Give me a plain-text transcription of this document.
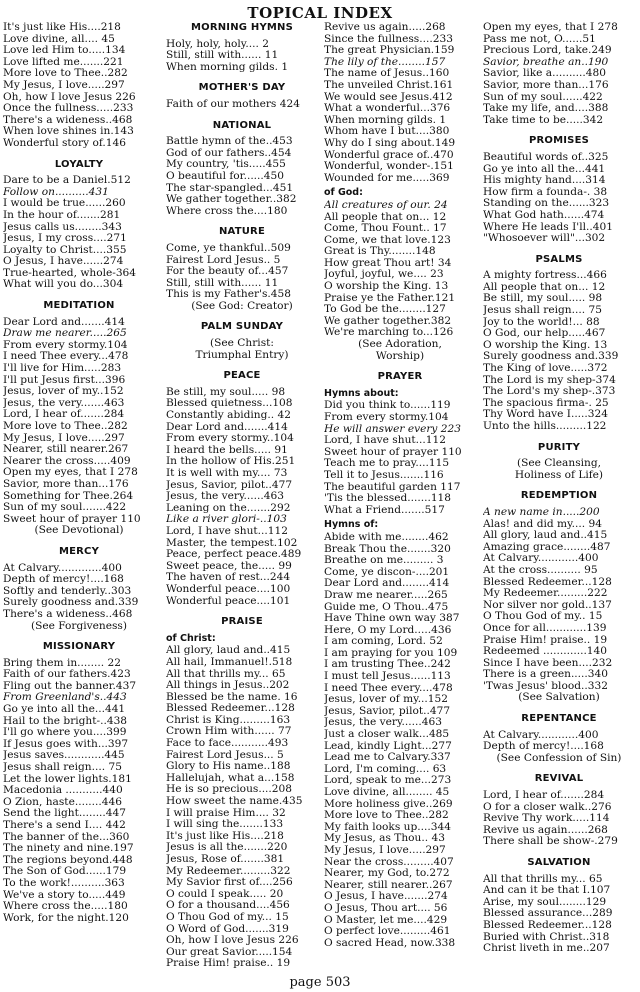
TOPICAL INDEX
It's just like His....218
Love divine, all.... 45
Love led Him to.....134
Love lifted me.......221
More love to Thee..282
My Jesus, I love.....297
Oh, how I love Jesus 226
Once the fullness.....233
There's a wideness..468
When love shines in.143
Wonderful story of.146
LOYALTY
Dare to be a Daniel.512
Follow on..........431
I would be true......260
In the hour of.......281
Jesus calls us........343
Jesus, I my cross....271
Loyalty to Christ....355
O Jesus, I have......274
True-hearted, whole-364
What will you do...304
MEDITATION
Dear Lord and.......414
Draw me nearer.....265
From every stormy.104
I need Thee every...478
I'll live for Him.....283
I'll put Jesus first...396
Jesus, lover of my..152
Jesus, the very.......463
Lord, I hear of.......284
More love to Thee..282
My Jesus, I love.....297
Nearer, still nearer.267
Nearer the cross.....409
Open my eyes, that I 278
Savior, more than...176
Something for Thee.264
Sun of my soul.......422
Sweet hour of prayer 110
(See Devotional)
MERCY
At Calvary.............400
Depth of mercy!....168
Softly and tenderly..303
Surely goodness and.339
There's a wideness..468
(See Forgiveness)
MISSIONARY
Bring them in........ 22
Faith of our fathers.423
Fling out the banner.437
From Greenland's..443
Go ye into all the...441
Hail to the bright-..438
I'll go where you....399
If Jesus goes with...397
Jesus saves............445
Jesus shall reign.... 75
Let the lower lights.181
Macedonia ...........440
O Zion, haste........446
Send the light........447
There's a send I.... 442
The banner of the...360
The ninety and nine.197
The regions beyond.448
The Son of God......179
To the work!..........363
We've a story to.....449
Where cross the.....180
Work, for the night.120
MORNING HYMNS
Holy, holy, holy.... 2
Still, still with...... 11
When morning gilds. 1
MOTHER'S DAY
Faith of our mothers 424
NATIONAL
Battle hymn of the..453
God of our fathers..454
My country, 'tis.....455
O beautiful for......450
The star-spangled...451
We gather together..382
Where cross the....180
NATURE
Come, ye thankful..509
Fairest Lord Jesus.. 5
For the beauty of...457
Still, still with...... 11
This is my Father's.458
(See God: Creator)
PALM SUNDAY
(See Christ:
Triumphal Entry)
PEACE
Be still, my soul..... 98
Blessed quietness...108
Constantly abiding.. 42
Dear Lord and.......414
From every stormy..104
I heard the bells..... 91
In the hollow of His.251
It is well with my.... 73
Jesus, Savior, pilot..477
Jesus, the very......463
Leaning on the.......292
Like a river glori-..103
Lord, I have shut...112
Master, the tempest.102
Peace, perfect peace.489
Sweet peace, the..... 99
The haven of rest...244
Wonderful peace....100
Wonderful peace....101
PRAISE
of Christ:
All glory, laud and..415
All hail, Immanuel!.518
All that thrills my... 65
All things in Jesus..202
Blessed be the name. 16
Blessed Redeemer...128
Christ is King.........163
Crown Him with...... 77
Face to face...........493
Fairest Lord Jesus... 5
Glory to His name..188
Hallelujah, what a...158
He is so precious....208
How sweet the name.435
I will praise Him.... 32
I will sing the.......133
It's just like His....218
Jesus is all the.......220
Jesus, Rose of.......381
My Redeemer.........322
My Savior first of....256
O could I speak..... 20
O for a thousand....456
O Thou God of my... 15
O Word of God.......319
Oh, how I love Jesus 226
Our great Savior.....154
Praise Him! praise.. 19
Revive us again.....268
Since the fullness....233
The great Physician.159
The lily of the........157
The name of Jesus..160
The unveiled Christ.161
We would see Jesus.412
What a wonderful...376
When morning gilds. 1
Whom have I but....380
Why do I sing about.149
Wonderful grace of..470
Wonderful, wonder-.151
Wounded for me.....369
of God:
All creatures of our. 24
All people that on... 12
Come, Thou Fount.. 17
Come, we that love.123
Great is Thy........148
How great Thou art! 34
Joyful, joyful, we.... 23
O worship the King. 13
Praise ye the Father.121
To God be the........127
We gather together.382
We're marching to...126
(See Adoration,
Worship)
PRAYER
Hymns about:
Did you think to......119
From every stormy.104
He will answer every 223
Lord, I have shut...112
Sweet hour of prayer 110
Teach me to pray....115
Tell it to Jesus.......116
The beautiful garden 117
'Tis the blessed.......118
What a Friend.......517
Hymns of:
Abide with me........462
Break Thou the.......320
Breathe on me......... 3
Come, ye discon-....201
Dear Lord and........414
Draw me nearer.....265
Guide me, O Thou..475
Have Thine own way 387
Here, O my Lord.....436
I am coming, Lord. 52
I am praying for you 109
I am trusting Thee..242
I must tell Jesus......113
I need Thee every....478
Jesus, lover of my...152
Jesus, Savior, pilot..477
Jesus, the very......463
Just a closer walk...485
Lead, kindly Light...277
Lead me to Calvary.337
Lord, I'm coming.... 63
Lord, speak to me...273
Love divine, all........ 45
More holiness give..269
More love to Thee..282
My faith looks up....344
My Jesus, as Thou.. 43
My Jesus, I love.....297
Near the cross.........407
Nearer, my God, to.272
Nearer, still nearer..267
O Jesus, I have.......274
O Jesus, Thou art.... 56
O Master, let me....429
O perfect love.........461
O sacred Head, now.338
Open my eyes, that I 278
Pass me not, O......51
Precious Lord, take.249
Savior, breathe an..190
Savior, like a..........480
Savior, more than...176
Sun of my soul......422
Take my life, and....388
Take time to be.....342
PROMISES
Beautiful words of..325
Go ye into all the...441
His mighty hand....314
How firm a founda-. 38
Standing on the......323
What God hath......474
Where He leads I'll..401
"Whosoever will"...302
PSALMS
A mighty fortress...466
All people that on... 12
Be still, my soul..... 98
Jesus shall reign.... 75
Joy to the world!... 88
O God, our help.....467
O worship the King. 13
Surely goodness and.339
The King of love.....372
The Lord is my shep-374
The Lord's my shep-.373
The spacious firma-. 25
Thy Word have I.....324
Unto the hills.........122
PURITY
(See Cleansing,
Holiness of Life)
REDEMPTION
A new name in.....200
Alas! and did my.... 94
All glory, laud and..415
Amazing grace........487
At Calvary............400
At the cross.......... 95
Blessed Redeemer...128
My Redeemer.........222
Nor silver nor gold..137
O Thou God of my.. 15
Once for all............139
Praise Him! praise.. 19
Redeemed .............140
Since I have been....232
There is a green.....340
'Twas Jesus' blood..332
(See Salvation)
REPENTANCE
At Calvary............400
Depth of mercy!....168
(See Confession of Sin)
REVIVAL
Lord, I hear of.......284
O for a closer walk..276
Revive Thy work.....114
Revive us again......268
There shall be show-.279
SALVATION
All that thrills my... 65
And can it be that I.107
Arise, my soul........129
Blessed assurance...289
Blessed Redeemer...128
Buried with Christ..318
Christ liveth in me..207
page 503
